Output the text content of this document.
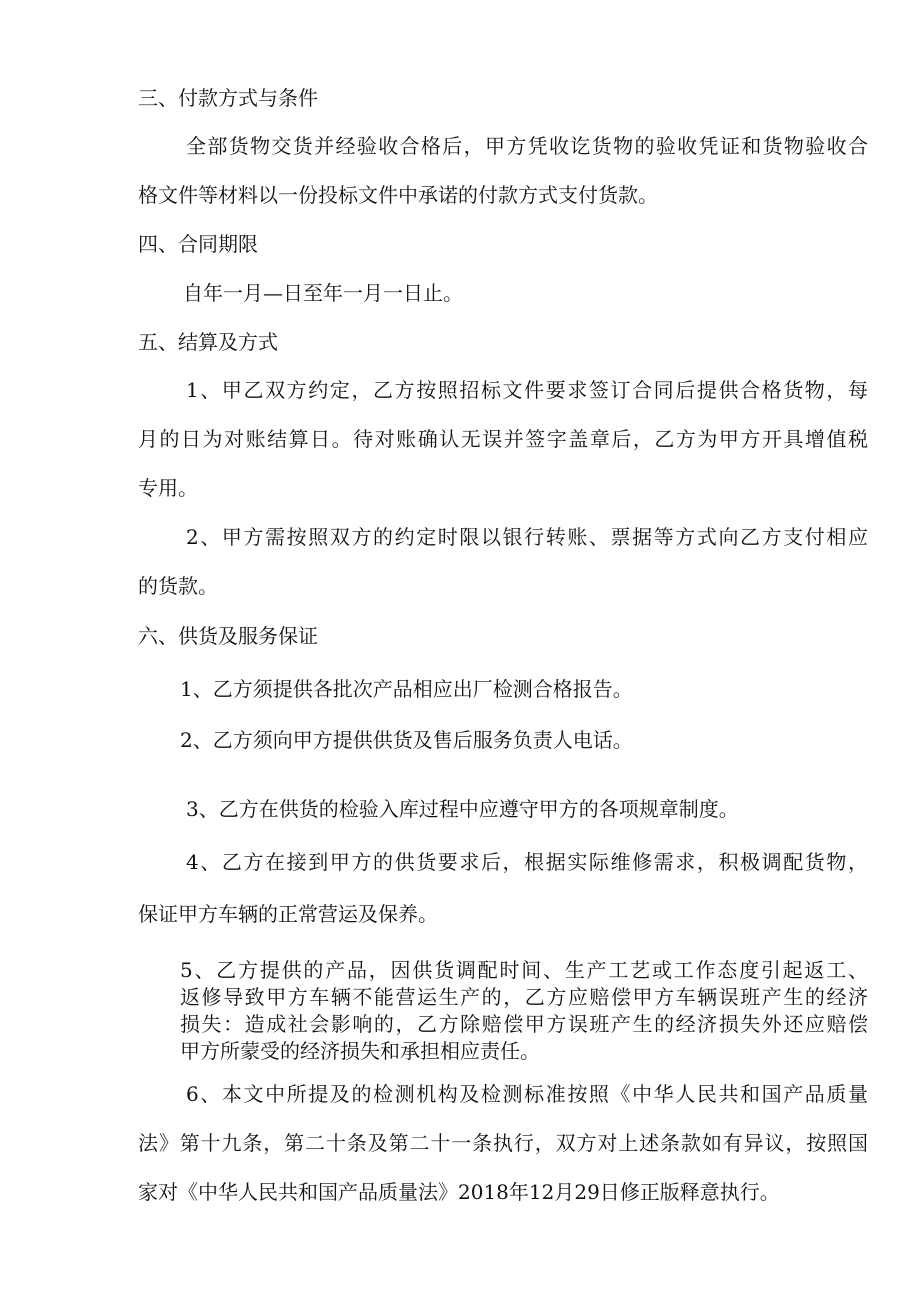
三、付款方式与条件
全部货物交货并经验收合格后，甲方凭收讫货物的验收凭证和货物验收合
格文件等材料以一份投标文件中承诺的付款方式支付货款。
四、合同期限
自年一月—日至年一月一日止。
五、结算及方式
1、甲乙双方约定，乙方按照招标文件要求签订合同后提供合格货物，每
月的日为对账结算日。待对账确认无误并签字盖章后，乙方为甲方开具增值税
专用。
2、甲方需按照双方的约定时限以银行转账、票据等方式向乙方支付相应
的货款。
六、供货及服务保证
1、乙方须提供各批次产品相应出厂检测合格报告。
2、乙方须向甲方提供供货及售后服务负责人电话。
3、乙方在供货的检验入库过程中应遵守甲方的各项规章制度。
4、乙方在接到甲方的供货要求后，根据实际维修需求，积极调配货物，
保证甲方车辆的正常营运及保养。
5、乙方提供的产品，因供货调配时间、生产工艺或工作态度引起返工、
返修导致甲方车辆不能营运生产的，乙方应赔偿甲方车辆误班产生的经济
损失：造成社会影响的，乙方除赔偿甲方误班产生的经济损失外还应赔偿
甲方所蒙受的经济损失和承担相应责任。
6、本文中所提及的检测机构及检测标准按照《中华人民共和国产品质量
法》第十九条，第二十条及第二十一条执行，双方对上述条款如有异议，按照国
家对《中华人民共和国产品质量法》2018年12月29日修正版释意执行。
